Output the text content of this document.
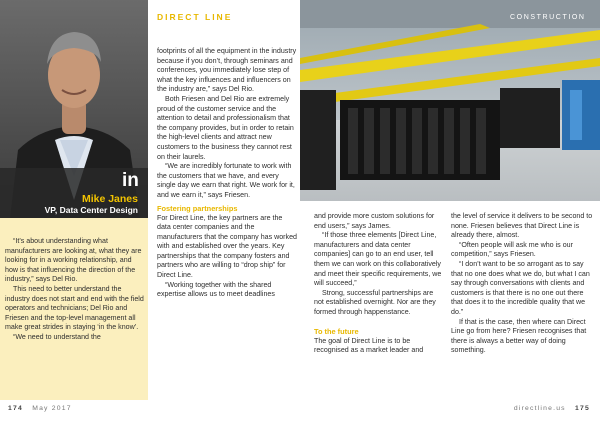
in
Mike Janes
VP, Data Center Design

“It’s about understanding what manufacturers are looking at, what they are looking for in a working relationship, and how is that influencing the direction of the industry,” says Del Rio.

This need to better understand the industry does not start and end with the field operators and technicians; Del Rio and Friesen and the top-level management all make great strides in staying ‘in the know’.

“We need to understand the

DIRECT LINE	CONSTRUCTION

footprints of all the equipment in the industry because if you don’t, through seminars and conferences, you immediately lose step of what the key influences and influencers on the industry are,” says Del Rio.

Both Friesen and Del Rio are extremely proud of the customer service and the attention to detail and professionalism that the company provides, but in order to retain the high-level clients and attract new customers to the business they cannot rest on their laurels.

“We are incredibly fortunate to work with the customers that we have, and every single day we earn that right. We work for it, and we earn it,” says Friesen.

Fostering partnerships

For Direct Line, the key partners are the data center companies and the manufacturers that the company has worked with and established over the years. Key partnerships that the company fosters and partners who are willing to “drop ship” for Direct Line.

“Working together with the shared expertise allows us to meet deadlines

and provide more custom solutions for end users,” says James.

“If those three elements [Direct Line, manufacturers and data center companies] can go to an end user, tell them we can work on this collaboratively and meet their specific requirements, we will succeed,”

Strong, successful partnerships are not established overnight. Nor are they formed through happenstance.

To the future

The goal of Direct Line is to be recognised as a market leader and

the level of service it delivers to be second to none. Friesen believes that Direct Line is already there, almost.

“Often people will ask me who is our competition,” says Friesen.

“I don’t want to be so arrogant as to say that no one does what we do, but what I can say through conversations with clients and customers is that there is no one out there that does it to the incredible quality that we do.”

If that is the case, then where can Direct Line go from here? Friesen recognises that there is always a better way of doing something.

174 May 2017	directline.us 175
